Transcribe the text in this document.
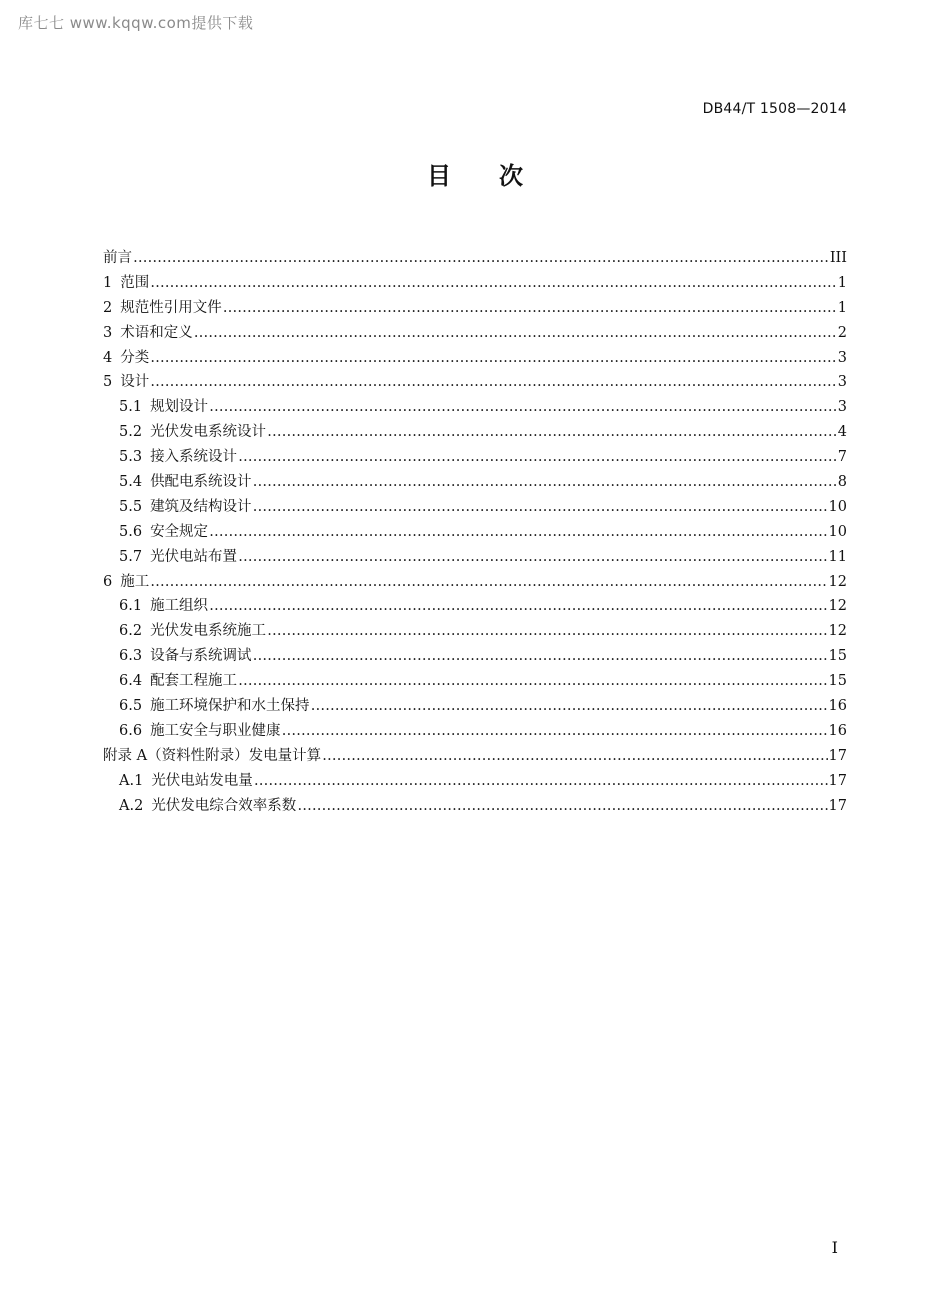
库七七 www.kqqw.com提供下载
DB44/T 1508—2014
目次
前言 ……………………………………………………………………………………………………………………………………………………………………………………………………………………………………	III
1 范围 ……………………………………………………………………………………………………………………………………………………………………………………………………………………………………	1
2 规范性引用文件 ……………………………………………………………………………………………………………………………………………………………………………………………………………………………………	1
3 术语和定义 ……………………………………………………………………………………………………………………………………………………………………………………………………………………………………	2
4 分类 ……………………………………………………………………………………………………………………………………………………………………………………………………………………………………	3
5 设计 ……………………………………………………………………………………………………………………………………………………………………………………………………………………………………	3
5.1 规划设计 ……………………………………………………………………………………………………………………………………………………………………………………………………………………………………	3
5.2 光伏发电系统设计 ……………………………………………………………………………………………………………………………………………………………………………………………………………………………………	4
5.3 接入系统设计 ……………………………………………………………………………………………………………………………………………………………………………………………………………………………………	7
5.4 供配电系统设计 ……………………………………………………………………………………………………………………………………………………………………………………………………………………………………	8
5.5 建筑及结构设计 ……………………………………………………………………………………………………………………………………………………………………………………………………………………………………	10
5.6 安全规定 ……………………………………………………………………………………………………………………………………………………………………………………………………………………………………	10
5.7 光伏电站布置 ……………………………………………………………………………………………………………………………………………………………………………………………………………………………………	11
6 施工 ……………………………………………………………………………………………………………………………………………………………………………………………………………………………………	12
6.1 施工组织 ……………………………………………………………………………………………………………………………………………………………………………………………………………………………………	12
6.2 光伏发电系统施工 ……………………………………………………………………………………………………………………………………………………………………………………………………………………………………	12
6.3 设备与系统调试 ……………………………………………………………………………………………………………………………………………………………………………………………………………………………………	15
6.4 配套工程施工 ……………………………………………………………………………………………………………………………………………………………………………………………………………………………………	15
6.5 施工环境保护和水土保持 ……………………………………………………………………………………………………………………………………………………………………………………………………………………………………	16
6.6 施工安全与职业健康 ……………………………………………………………………………………………………………………………………………………………………………………………………………………………………	16
附录 A（资料性附录）发电量计算 ……………………………………………………………………………………………………………………………………………………………………………………………………………………………………	17
A.1 光伏电站发电量 ……………………………………………………………………………………………………………………………………………………………………………………………………………………………………	17
A.2 光伏发电综合效率系数 ……………………………………………………………………………………………………………………………………………………………………………………………………………………………………	17
I
